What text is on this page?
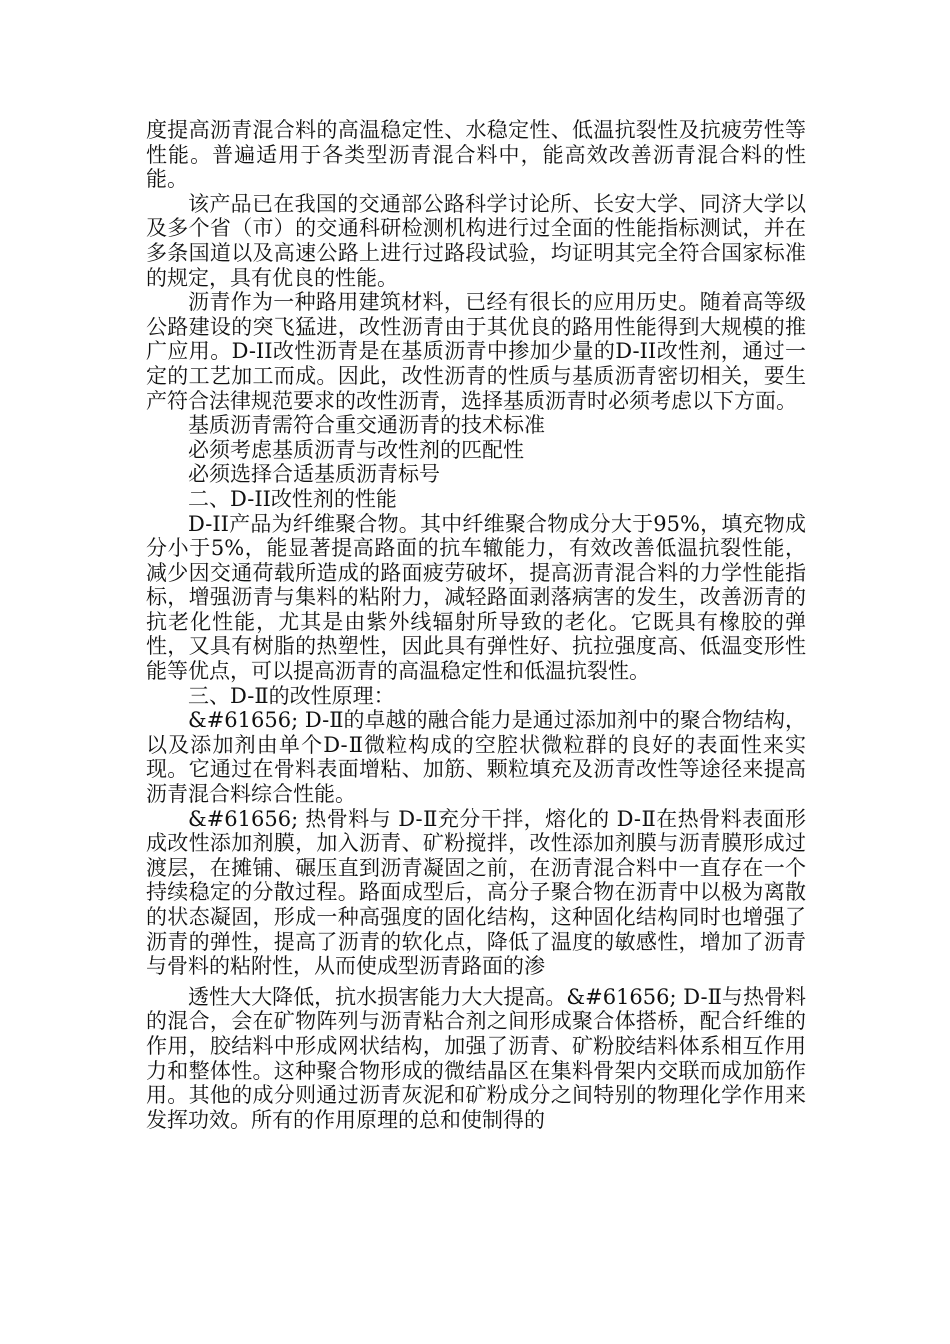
度提高沥青混合料的高温稳定性、水稳定性、低温抗裂性及抗疲劳性等性能。普遍适用于各类型沥青混合料中，能高效改善沥青混合料的性能。

该产品已在我国的交通部公路科学讨论所、长安大学、同济大学以及多个省（市）的交通科研检测机构进行过全面的性能指标测试，并在多条国道以及高速公路上进行过路段试验，均证明其完全符合国家标准的规定，具有优良的性能。

沥青作为一种路用建筑材料，已经有很长的应用历史。随着高等级公路建设的突飞猛进，改性沥青由于其优良的路用性能得到大规模的推广应用。D-II改性沥青是在基质沥青中掺加少量的D-II改性剂，通过一定的工艺加工而成。因此，改性沥青的性质与基质沥青密切相关，要生产符合法律规范要求的改性沥青，选择基质沥青时必须考虑以下方面。

基质沥青需符合重交通沥青的技术标准

必须考虑基质沥青与改性剂的匹配性

必须选择合适基质沥青标号

二、D-II改性剂的性能

D-II产品为纤维聚合物。其中纤维聚合物成分大于95%，填充物成分小于5%，能显著提高路面的抗车辙能力，有效改善低温抗裂性能，减少因交通荷载所造成的路面疲劳破坏，提高沥青混合料的力学性能指标，增强沥青与集料的粘附力，减轻路面剥落病害的发生，改善沥青的抗老化性能，尤其是由紫外线辐射所导致的老化。它既具有橡胶的弹性，又具有树脂的热塑性，因此具有弹性好、抗拉强度高、低温变形性能等优点，可以提高沥青的高温稳定性和低温抗裂性。

三、D-Ⅱ的改性原理：

&#61656; D-Ⅱ的卓越的融合能力是通过添加剂中的聚合物结构，以及添加剂由单个D-Ⅱ微粒构成的空腔状微粒群的良好的表面性来实现。它通过在骨料表面增粘、加筋、颗粒填充及沥青改性等途径来提高沥青混合料综合性能。

&#61656; 热骨料与 D-Ⅱ充分干拌，熔化的 D-Ⅱ在热骨料表面形成改性添加剂膜，加入沥青、矿粉搅拌，改性添加剂膜与沥青膜形成过渡层，在摊铺、碾压直到沥青凝固之前，在沥青混合料中一直存在一个持续稳定的分散过程。路面成型后，高分子聚合物在沥青中以极为离散的状态凝固，形成一种高强度的固化结构，这种固化结构同时也增强了沥青的弹性，提高了沥青的软化点，降低了温度的敏感性，增加了沥青与骨料的粘附性，从而使成型沥青路面的渗

透性大大降低，抗水损害能力大大提高。&#61656; D-Ⅱ与热骨料的混合，会在矿物阵列与沥青粘合剂之间形成聚合体搭桥，配合纤维的作用，胶结料中形成网状结构，加强了沥青、矿粉胶结料体系相互作用力和整体性。这种聚合物形成的微结晶区在集料骨架内交联而成加筋作用。其他的成分则通过沥青灰泥和矿粉成分之间特别的物理化学作用来发挥功效。所有的作用原理的总和使制得的
